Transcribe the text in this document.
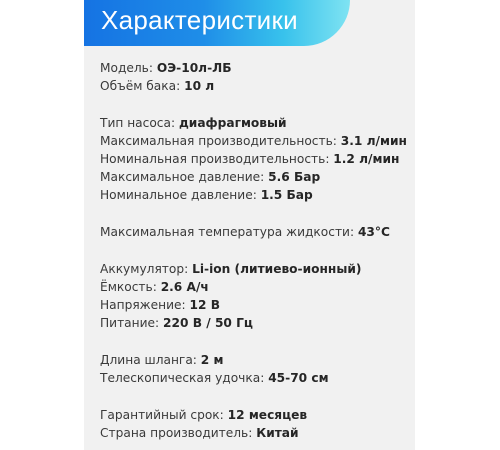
Характеристики
Модель: ОЭ-10л-ЛБ
Объём бака: 10 л
Тип насоса: диафрагмовый
Максимальная производительность: 3.1 л/мин
Номинальная производительность: 1.2 л/мин
Максимальное давление: 5.6 Бар
Номинальное давление: 1.5 Бар
Максимальная температура жидкости: 43°C
Аккумулятор: Li-ion (литиево-ионный)
Ёмкость: 2.6 А/ч
Напряжение: 12 В
Питание: 220 В / 50 Гц
Длина шланга: 2 м
Телескопическая удочка: 45-70 см
Гарантийный срок: 12 месяцев
Страна производитель: Китай
